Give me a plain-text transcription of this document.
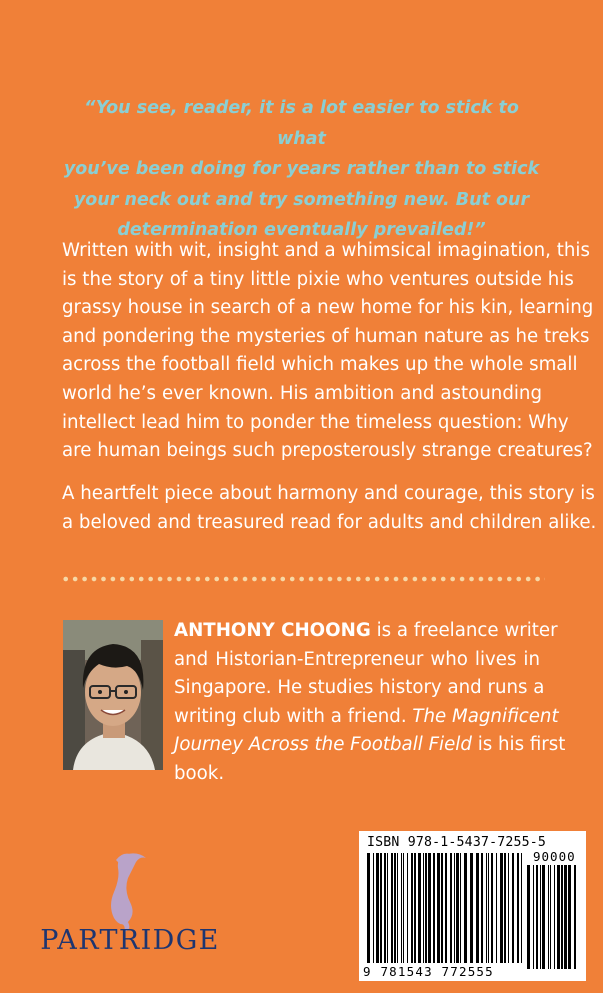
“You see, reader, it is a lot easier to stick to what
you’ve been doing for years rather than to stick
your neck out and try something new. But our
determination eventually prevailed!”
Written with wit, insight and a whimsical imagination, this
is the story of a tiny little pixie who ventures outside his
grassy house in search of a new home for his kin, learning
and pondering the mysteries of human nature as he treks
across the football field which makes up the whole small
world he’s ever known. His ambition and astounding
intellect lead him to ponder the timeless question: Why
are human beings such preposterously strange creatures?
A heartfelt piece about harmony and courage, this story is
a beloved and treasured read for adults and children alike.
ANTHONY CHOONG is a freelance writer
and Historian-Entrepreneur who lives in
Singapore. He studies history and runs a
writing club with a friend. The Magnificent
Journey Across the Football Field is his first
book.
PARTRIDGE
ISBN 978-1-5437-7255-5
90000
9 781543 772555
